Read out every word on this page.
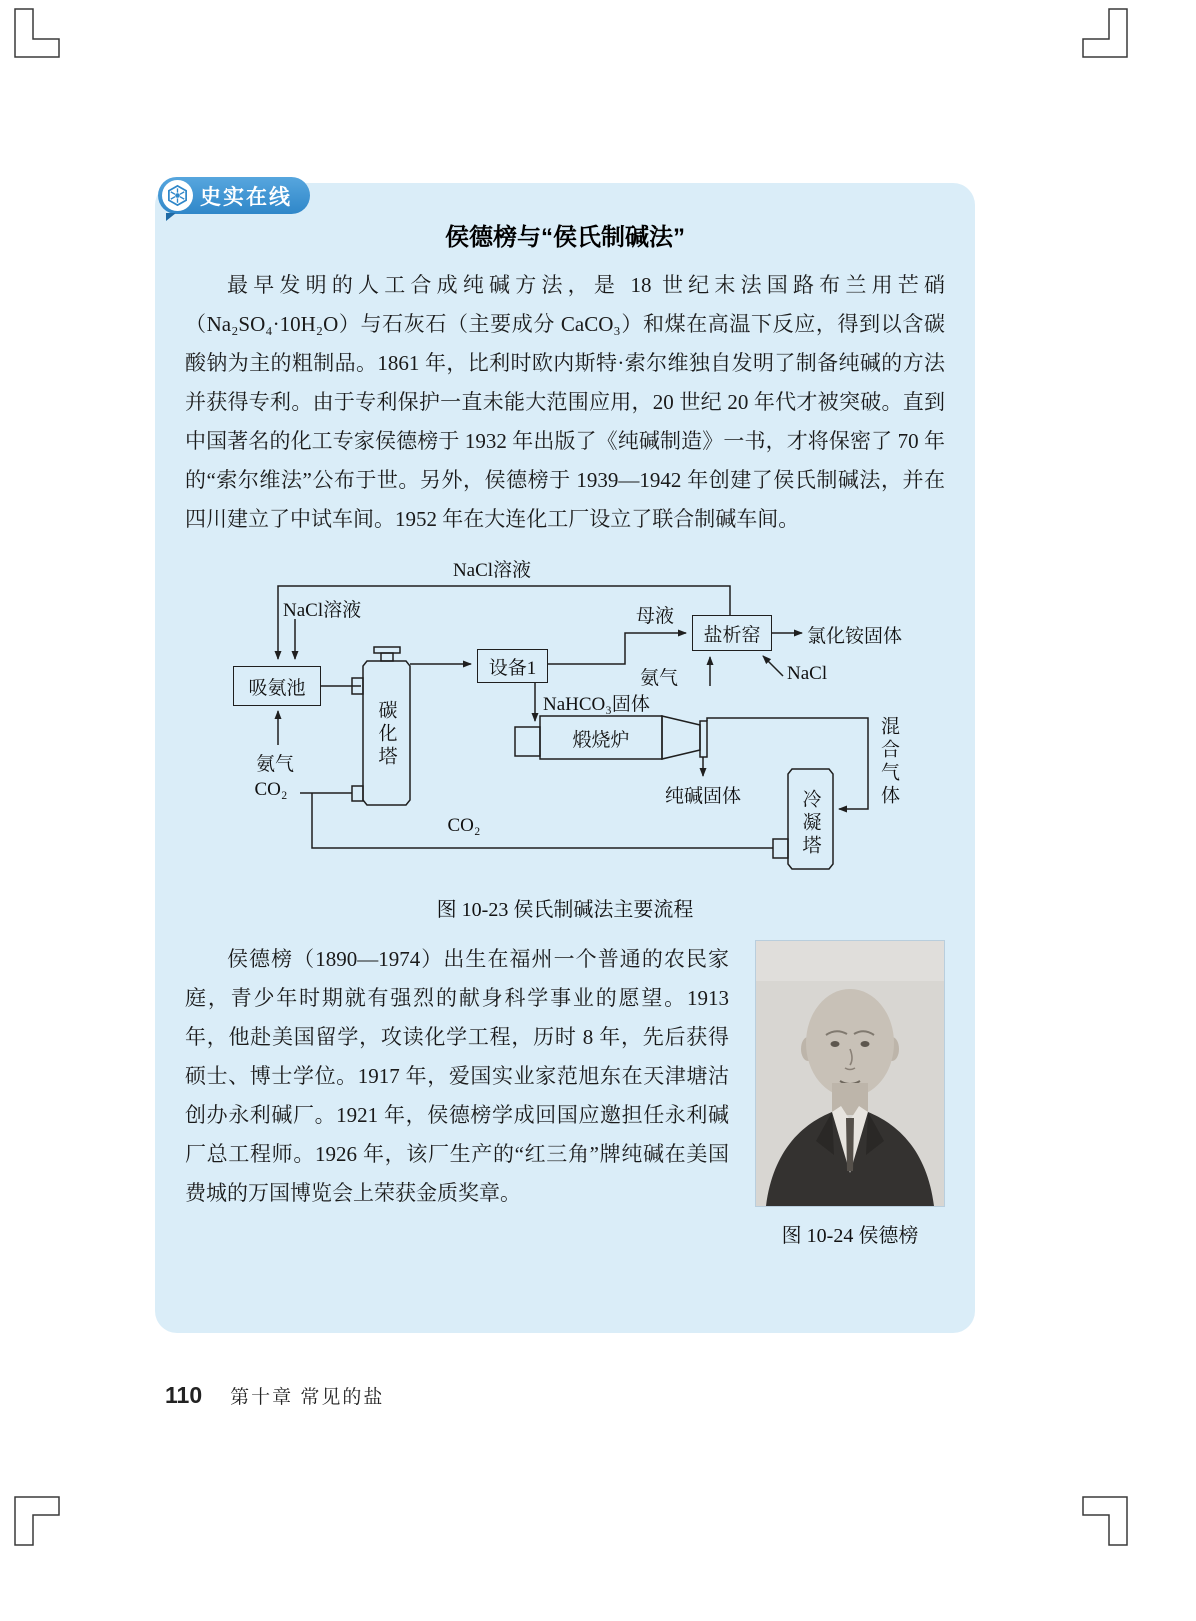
史实在线
侯德榜与“侯氏制碱法”
最早发明的人工合成纯碱方法，是 18 世纪末法国路布兰用芒硝（Na₂SO₄·10H₂O）与石灰石（主要成分 CaCO₃）和煤在高温下反应，得到以含碳酸钠为主的粗制品。1861 年，比利时欧内斯特·索尔维独自发明了制备纯碱的方法并获得专利。由于专利保护一直未能大范围应用，20 世纪 20 年代才被突破。直到中国著名的化工专家侯德榜于 1932 年出版了《纯碱制造》一书，才将保密了 70 年的“索尔维法”公布于世。另外，侯德榜于 1939—1942 年创建了侯氏制碱法，并在四川建立了中试车间。1952 年在大连化工厂设立了联合制碱车间。
吸氨池
设备1
盐析窑
NaCl溶液
NaCl溶液
氨气
CO₂
母液
氯化铵固体
氨气	NaCl
NaHCO₃固体
煅烧炉
纯碱固体
CO₂
混合气体
碳化塔
冷凝塔
图 10-23 侯氏制碱法主要流程
侯德榜（1890—1974）出生在福州一个普通的农民家庭，青少年时期就有强烈的献身科学事业的愿望。1913 年，他赴美国留学，攻读化学工程，历时 8 年，先后获得硕士、博士学位。1917 年，爱国实业家范旭东在天津塘沽创办永利碱厂。1921 年，侯德榜学成回国应邀担任永利碱厂总工程师。1926 年，该厂生产的“红三角”牌纯碱在美国费城的万国博览会上荣获金质奖章。
图 10-24 侯德榜
110 第十章 常见的盐
